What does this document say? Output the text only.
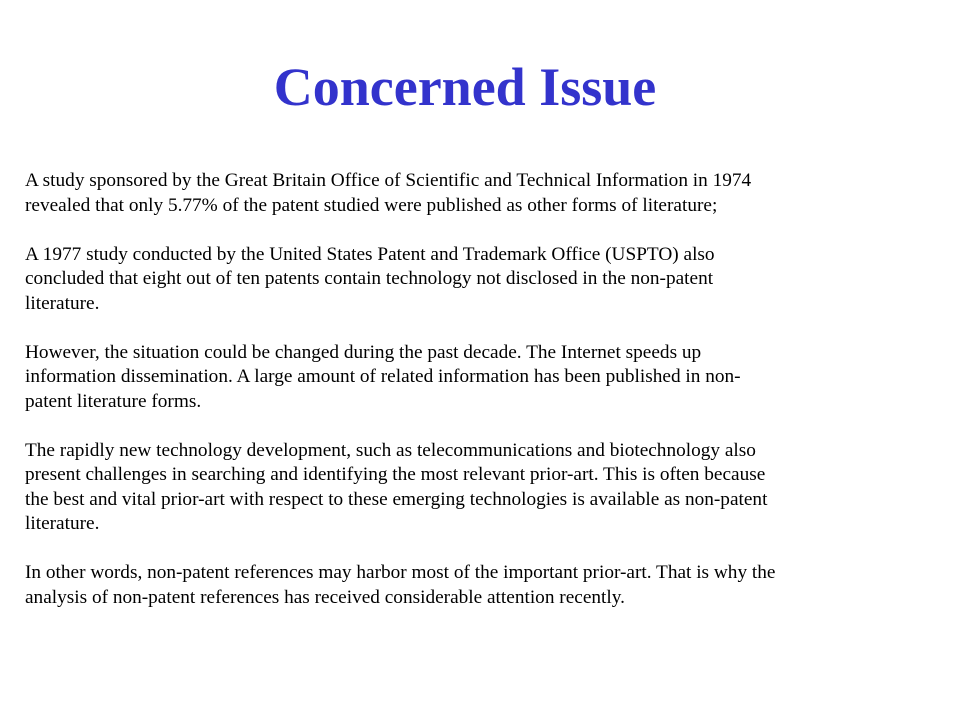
Concerned Issue

A study sponsored by the Great Britain Office of Scientific and Technical Information in 1974
revealed that only 5.77% of the patent studied were published as other forms of literature;

A 1977 study conducted by the United States Patent and Trademark Office (USPTO) also
concluded that eight out of ten patents contain technology not disclosed in the non-patent
literature.

However, the situation could be changed during the past decade. The Internet speeds up
information dissemination. A large amount of related information has been published in non-
patent literature forms.

The rapidly new technology development, such as telecommunications and biotechnology also
present challenges in searching and identifying the most relevant prior-art. This is often because
the best and vital prior-art with respect to these emerging technologies is available as non-patent
literature.

In other words, non-patent references may harbor most of the important prior-art. That is why the
analysis of non-patent references has received considerable attention recently.
